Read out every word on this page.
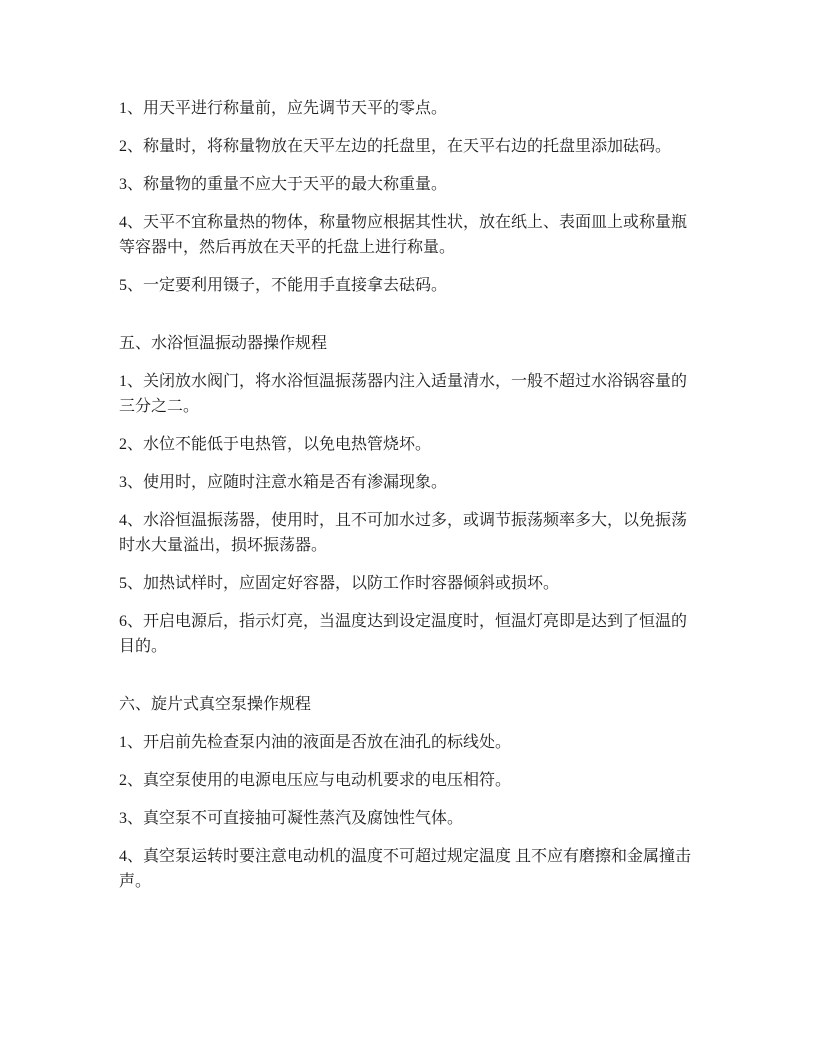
1、用天平进行称量前，应先调节天平的零点。

2、称量时，将称量物放在天平左边的托盘里，在天平右边的托盘里添加砝码。

3、称量物的重量不应大于天平的最大称重量。

4、天平不宜称量热的物体，称量物应根据其性状，放在纸上、表面皿上或称量瓶
等容器中，然后再放在天平的托盘上进行称量。

5、一定要利用镊子，不能用手直接拿去砝码。

五、水浴恒温振动器操作规程

1、关闭放水阀门，将水浴恒温振荡器内注入适量清水，一般不超过水浴锅容量的
三分之二。

2、水位不能低于电热管，以免电热管烧坏。

3、使用时，应随时注意水箱是否有渗漏现象。

4、水浴恒温振荡器，使用时，且不可加水过多，或调节振荡频率多大，以免振荡
时水大量溢出，损坏振荡器。

5、加热试样时，应固定好容器，以防工作时容器倾斜或损坏。

6、开启电源后，指示灯亮，当温度达到设定温度时，恒温灯亮即是达到了恒温的
目的。

六、旋片式真空泵操作规程

1、开启前先检查泵内油的液面是否放在油孔的标线处。

2、真空泵使用的电源电压应与电动机要求的电压相符。

3、真空泵不可直接抽可凝性蒸汽及腐蚀性气体。

4、真空泵运转时要注意电动机的温度不可超过规定温度 且不应有磨擦和金属撞击
声。
